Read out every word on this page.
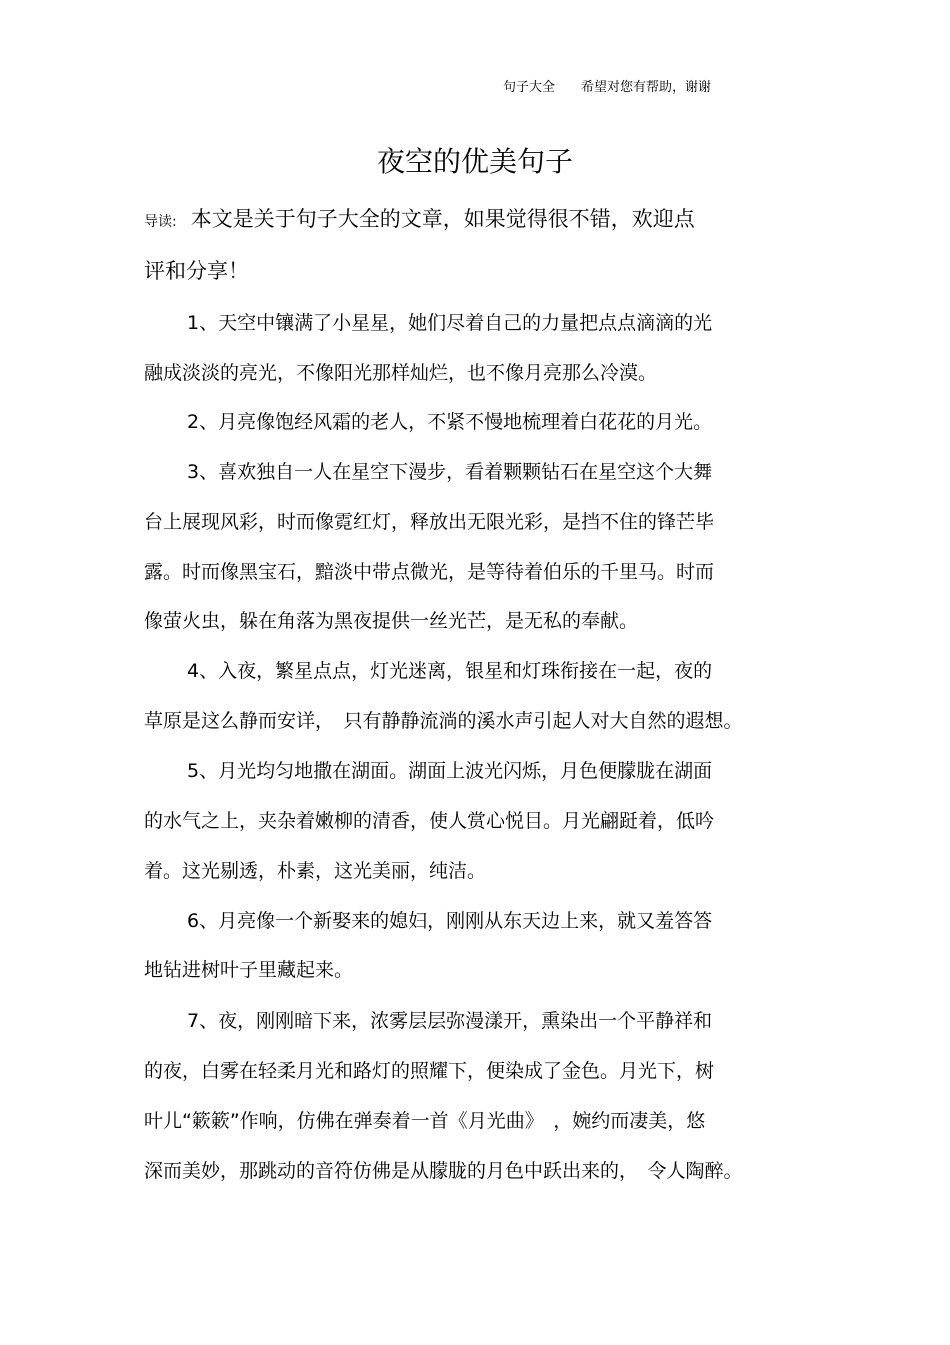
句子大全　　希望对您有帮助，谢谢
夜空的优美句子
导读: 本文是关于句子大全的文章，如果觉得很不错，欢迎点
评和分享！
1、天空中镶满了小星星，她们尽着自己的力量把点点滴滴的光
融成淡淡的亮光，不像阳光那样灿烂，也不像月亮那么冷漠。
2、月亮像饱经风霜的老人，不紧不慢地梳理着白花花的月光。
3、喜欢独自一人在星空下漫步，看着颗颗钻石在星空这个大舞
台上展现风彩，时而像霓红灯，释放出无限光彩，是挡不住的锋芒毕
露。时而像黑宝石，黯淡中带点微光，是等待着伯乐的千里马。时而
像萤火虫，躲在角落为黑夜提供一丝光芒，是无私的奉献。
4、入夜，繁星点点，灯光迷离，银星和灯珠衔接在一起，夜的
草原是这么静而安详，　只有静静流淌的溪水声引起人对大自然的遐想。
5、月光均匀地撒在湖面。湖面上波光闪烁，月色便朦胧在湖面
的水气之上，夹杂着嫩柳的清香，使人赏心悦目。月光翩跹着，低吟
着。这光剔透，朴素，这光美丽，纯洁。
6、月亮像一个新娶来的媳妇，刚刚从东天边上来，就又羞答答
地钻进树叶子里藏起来。
7、夜，刚刚暗下来，浓雾层层弥漫漾开，熏染出一个平静祥和
的夜，白雾在轻柔月光和路灯的照耀下，便染成了金色。月光下，树
叶儿“簌簌”作响，仿佛在弹奏着一首《月光曲》　，婉约而凄美，悠
深而美妙，那跳动的音符仿佛是从朦胧的月色中跃出来的，　令人陶醉。
